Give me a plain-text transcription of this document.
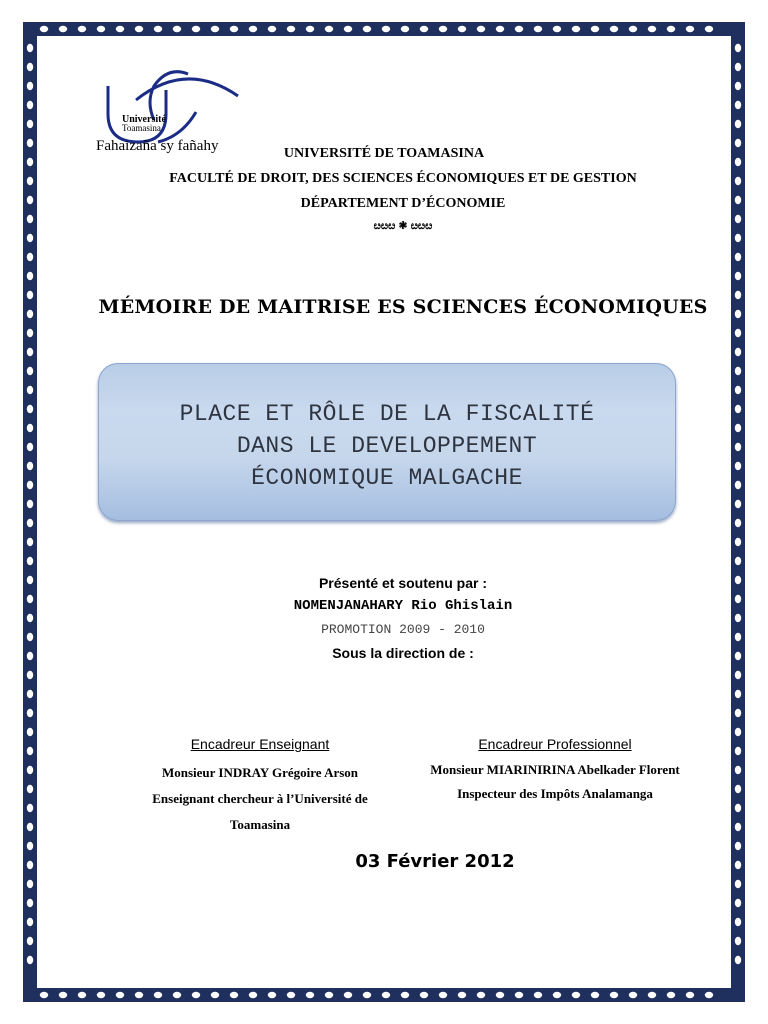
Université
Toamasina
Fahaizaña sy fañahy	UNIVERSITÉ DE TOAMASINA
FACULTÉ DE DROIT, DES SCIENCES ÉCONOMIQUES ET DE GESTION
DÉPARTEMENT D’ÉCONOMIE
ೞೞೞ ❃ ೞೞೞ
MÉMOIRE DE MAITRISE ES SCIENCES ÉCONOMIQUES
PLACE ET RÔLE DE LA FISCALITÉ
DANS LE DEVELOPPEMENT
ÉCONOMIQUE MALGACHE
Présenté et soutenu par :
NOMENJANAHARY Rio Ghislain
PROMOTION 2009 - 2010
Sous la direction de :
Encadreur Enseignant
Monsieur INDRAY Grégoire Arson
Enseignant chercheur à l’Université de
Toamasina
Encadreur Professionnel
Monsieur MIARINIRINA Abelkader Florent
Inspecteur des Impôts Analamanga
03 Février 2012
